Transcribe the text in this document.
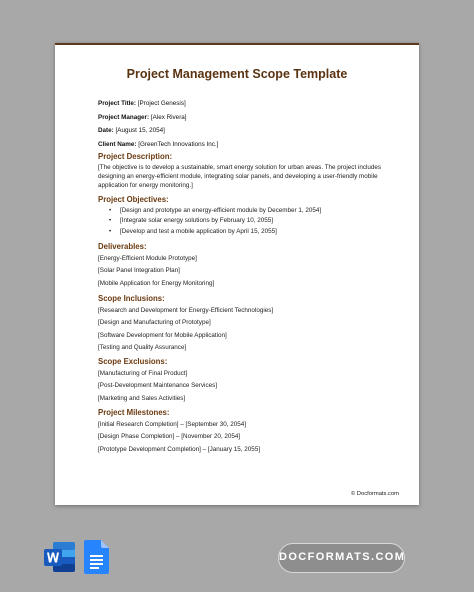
Project Management Scope Template
Project Title: [Project Genesis]
Project Manager: [Alex Rivera]
Date: [August 15, 2054]
Client Name: [GreenTech Innovations Inc.]
Project Description:

[The objective is to develop a sustainable, smart energy solution for urban areas. The project includes designing an energy-efficient module, integrating solar panels, and developing a user-friendly mobile application for energy monitoring.]

Project Objectives:
• [Design and prototype an energy-efficient module by December 1, 2054]
• [Integrate solar energy solutions by February 10, 2055]
• [Develop and test a mobile application by April 15, 2055]
Deliverables:
[Energy-Efficient Module Prototype]
[Solar Panel Integration Plan]
[Mobile Application for Energy Monitoring]
Scope Inclusions:
[Research and Development for Energy-Efficient Technologies]
[Design and Manufacturing of Prototype]
[Software Development for Mobile Application]
[Testing and Quality Assurance]
Scope Exclusions:
[Manufacturing of Final Product]
[Post-Development Maintenance Services]
[Marketing and Sales Activities]
Project Milestones:
[Initial Research Completion] – [September 30, 2054]
[Design Phase Completion] – [November 20, 2054]
[Prototype Development Completion] – [January 15, 2055]
© Docformats.com
DOCFORMATS.COM
